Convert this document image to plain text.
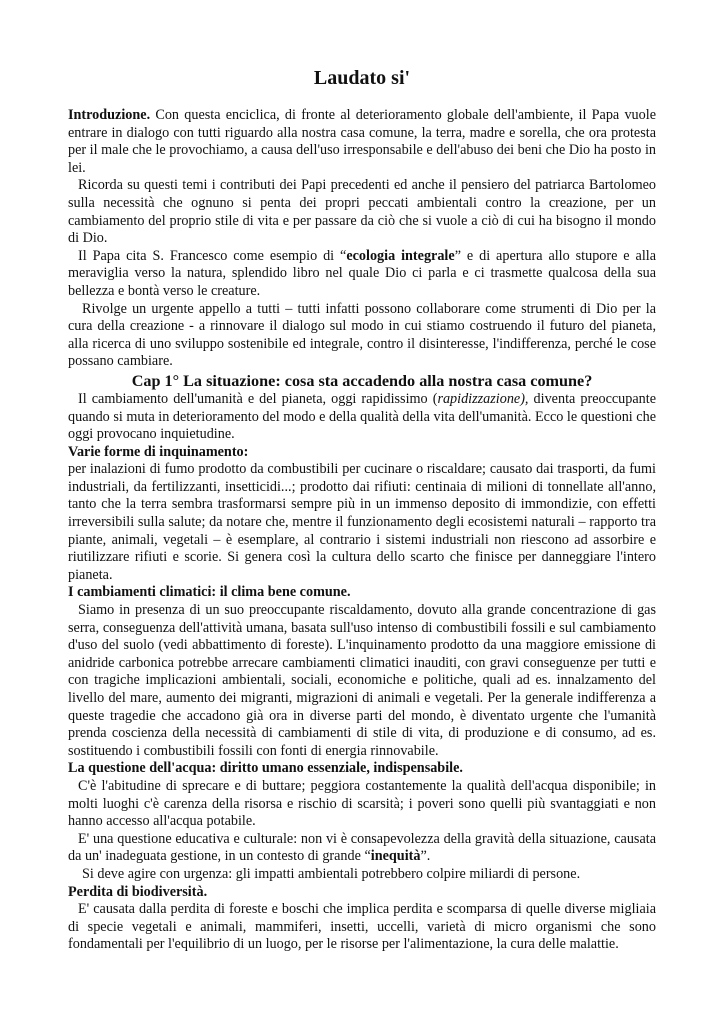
Laudato si'

Introduzione. Con questa enciclica, di fronte al deterioramento globale dell'ambiente, il Papa vuole entrare in dialogo con tutti riguardo alla nostra casa comune, la terra, madre e sorella, che ora protesta per il male che le provochiamo, a causa dell'uso irresponsabile e dell'abuso dei beni che Dio ha posto in lei.

Ricorda su questi temi i contributi dei Papi precedenti ed anche il pensiero del patriarca Bartolomeo sulla necessità che ognuno si penta dei propri peccati ambientali contro la creazione, per un cambiamento del proprio stile di vita e per passare da ciò che si vuole a ciò di cui ha bisogno il mondo di Dio.

Il Papa cita S. Francesco come esempio di “ecologia integrale” e di apertura allo stupore e alla meraviglia verso la natura, splendido libro nel quale Dio ci parla e ci trasmette qualcosa della sua bellezza e bontà verso le creature.

Rivolge un urgente appello a tutti – tutti infatti possono collaborare come strumenti di Dio per la cura della creazione - a rinnovare il dialogo sul modo in cui stiamo costruendo il futuro del pianeta, alla ricerca di uno sviluppo sostenibile ed integrale, contro il disinteresse, l'indifferenza, perché le cose possano cambiare.

Cap 1° La situazione: cosa sta accadendo alla nostra casa comune?

Il cambiamento dell'umanità e del pianeta, oggi rapidissimo (rapidizzazione), diventa preoccupante quando si muta in deterioramento del modo e della qualità della vita dell'umanità. Ecco le questioni che oggi provocano inquietudine.

Varie forme di inquinamento:

per inalazioni di fumo prodotto da combustibili per cucinare o riscaldare; causato dai trasporti, da fumi industriali, da fertilizzanti, insetticidi...; prodotto dai rifiuti: centinaia di milioni di tonnellate all'anno, tanto che la terra sembra trasformarsi sempre più in un immenso deposito di immondizie, con effetti irreversibili sulla salute; da notare che, mentre il funzionamento degli ecosistemi naturali – rapporto tra piante, animali, vegetali – è esemplare, al contrario i sistemi industriali non riescono ad assorbire e riutilizzare rifiuti e scorie. Si genera così la cultura dello scarto che finisce per danneggiare l'intero pianeta.

I cambiamenti climatici: il clima bene comune.

Siamo in presenza di un suo preoccupante riscaldamento, dovuto alla grande concentrazione di gas serra, conseguenza dell'attività umana, basata sull'uso intenso di combustibili fossili e sul cambiamento d'uso del suolo (vedi abbattimento di foreste). L'inquinamento prodotto da una maggiore emissione di anidride carbonica potrebbe arrecare cambiamenti climatici inauditi, con gravi conseguenze per tutti e con tragiche implicazioni ambientali, sociali, economiche e politiche, quali ad es. innalzamento del livello del mare, aumento dei migranti, migrazioni di animali e vegetali. Per la generale indifferenza a queste tragedie che accadono già ora in diverse parti del mondo, è diventato urgente che l'umanità prenda coscienza della necessità di cambiamenti di stile di vita, di produzione e di consumo, ad es. sostituendo i combustibili fossili con fonti di energia rinnovabile.

La questione dell'acqua: diritto umano essenziale, indispensabile.

C'è l'abitudine di sprecare e di buttare; peggiora costantemente la qualità dell'acqua disponibile; in molti luoghi c'è carenza della risorsa e rischio di scarsità; i poveri sono quelli più svantaggiati e non hanno accesso all'acqua potabile.

E' una questione educativa e culturale: non vi è consapevolezza della gravità della situazione, causata da un' inadeguata gestione, in un contesto di grande “inequità”.

Si deve agire con urgenza: gli impatti ambientali potrebbero colpire miliardi di persone.

Perdita di biodiversità.

E' causata dalla perdita di foreste e boschi che implica perdita e scomparsa di quelle diverse migliaia di specie vegetali e animali, mammiferi, insetti, uccelli, varietà di micro organismi che sono fondamentali per l'equilibrio di un luogo, per le risorse per l'alimentazione, la cura delle malattie.
